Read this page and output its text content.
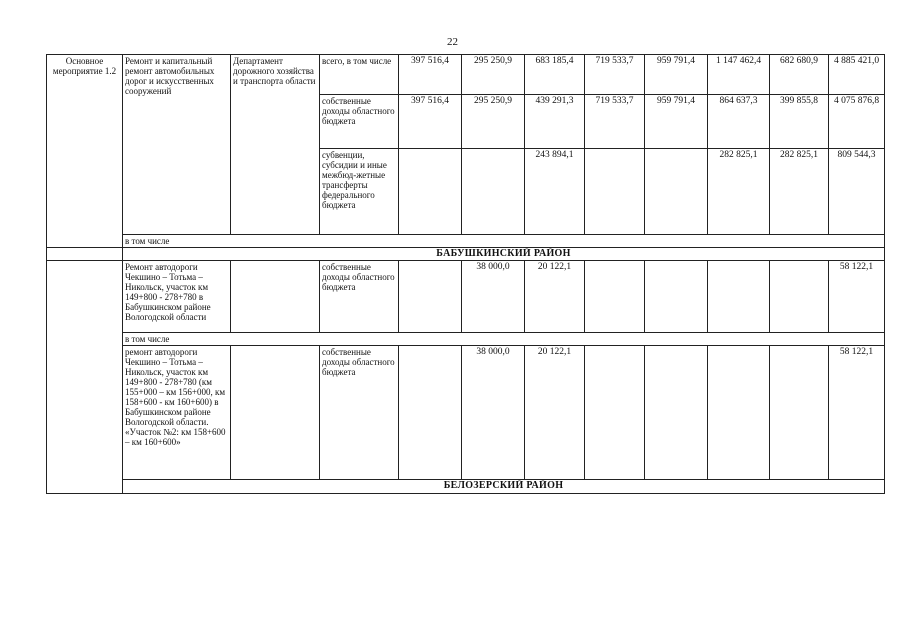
22
Основное мероприятие 1.2	Ремонт и капитальный ремонт автомобильных дорог и искусственных сооружений	Департамент дорожного хозяйства и транспорта области	всего, в том числе	397 516,4	295 250,9	683 185,4	719 533,7	959 791,4	1 147 462,4	682 680,9	4 885 421,0
			собственные доходы областного бюджета	397 516,4	295 250,9	439 291,3	719 533,7	959 791,4	864 637,3	399 855,8	4 075 876,8
			субвенции, субсидии и иные межбюд-жетные трансферты федерального бюджета			243 894,1			282 825,1	282 825,1	809 544,3
	в том числе										
	БАБУШКИНСКИЙ РАЙОН										
	Ремонт автодороги Чекшино – Тотьма – Никольск, участок км 149+800 - 278+780 в Бабушкинском районе Вологодской области		собственные доходы областного бюджета		38 000,0	20 122,1					58 122,1
	в том числе										
	ремонт автодороги Чекшино – Тотьма – Никольск, участок км 149+800 - 278+780 (км 155+000 – км 156+000, км 158+600 - км 160+600) в Бабушкинском районе Вологодской области. «Участок №2: км 158+600 – км 160+600»		собственные доходы областного бюджета		38 000,0	20 122,1					58 122,1
	БЕЛОЗЕРСКИЙ РАЙОН										
